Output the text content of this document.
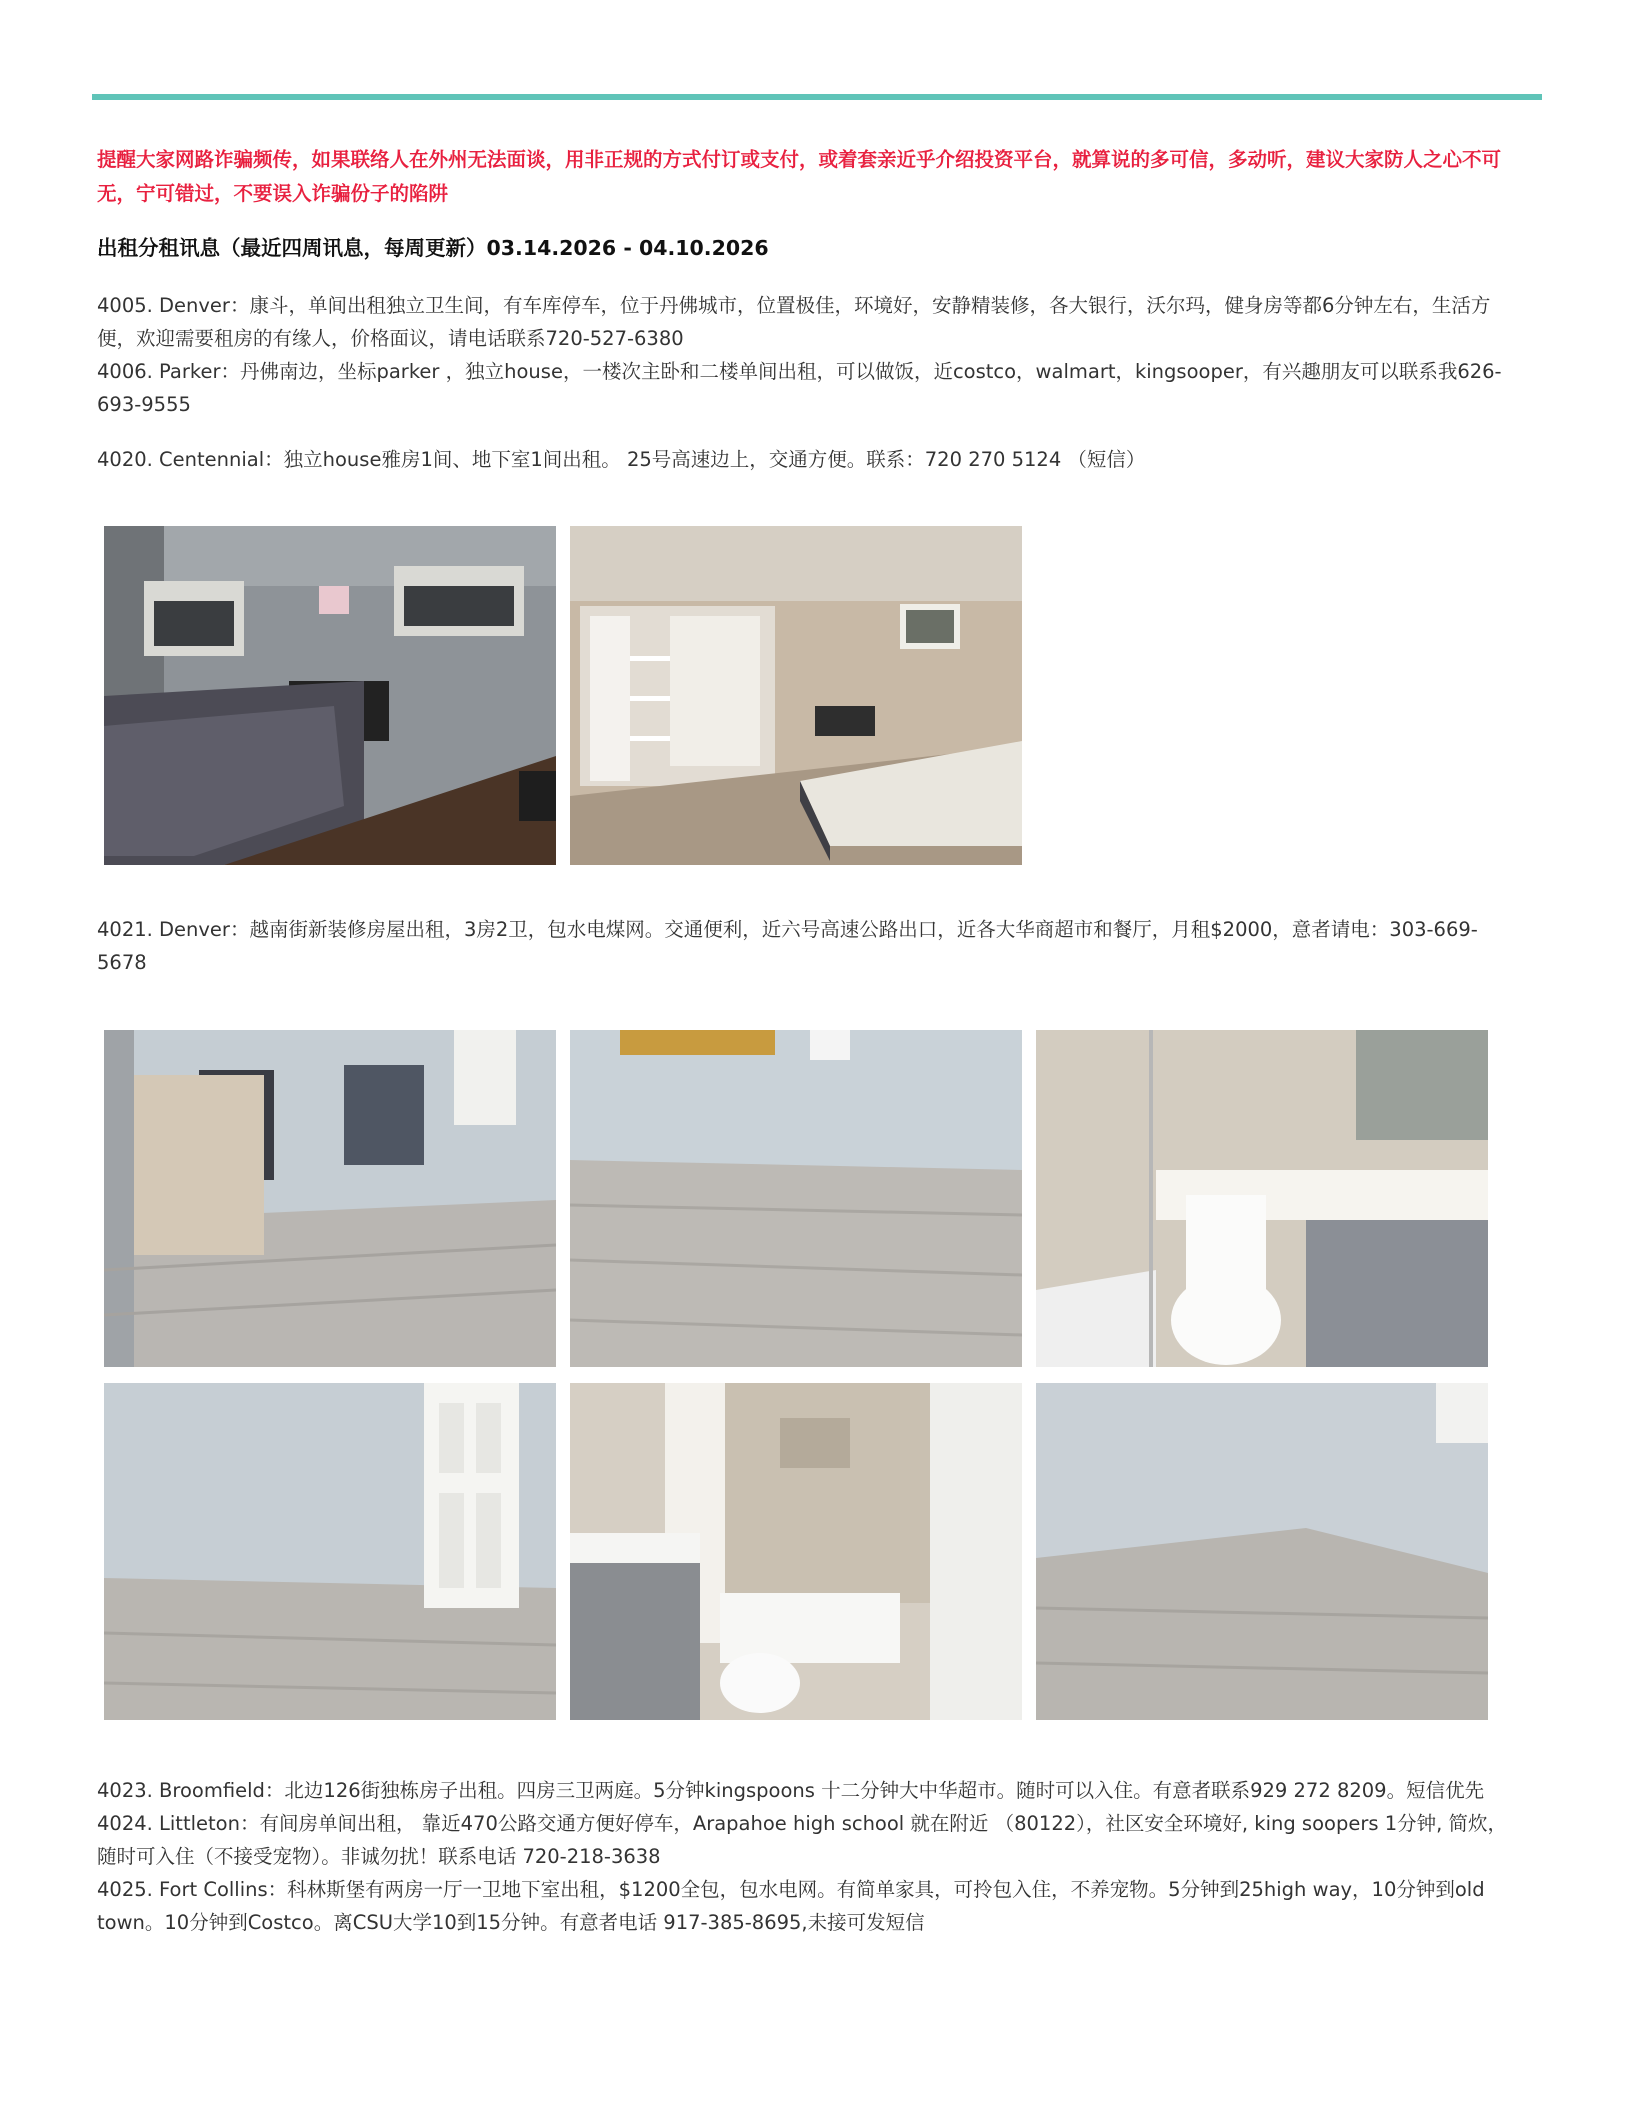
提醒大家网路诈骗频传，如果联络人在外州无法面谈，用非正规的方式付订或支付，或着套亲近乎介绍投资平台，就算说的多可信，多动听，建议大家防人之心不可无，宁可错过，不要误入诈骗份子的陷阱

出租分租讯息（最近四周讯息，每周更新）03.14.2026 - 04.10.2026

4005. Denver：康斗，单间出租独立卫生间，有车库停车，位于丹佛城市，位置极佳，环境好，安静精装修，各大银行，沃尔玛，健身房等都6分钟左右，生活方便，欢迎需要租房的有缘人，价格面议，请电话联系720-527-6380

4006. Parker：丹佛南边，坐标parker ，独立house，一楼次主卧和二楼单间出租，可以做饭，近costco，walmart，kingsooper，有兴趣朋友可以联系我626-693-9555

4020. Centennial：独立house雅房1间、地下室1间出租。 25号高速边上，交通方便。联系：720 270 5124 （短信）

4021. Denver：越南街新装修房屋出租，3房2卫，包水电煤网。交通便利，近六号高速公路出口，近各大华商超市和餐厅，月租$2000，意者请电：303-669-5678

4023. Broomfield：北边126街独栋房子出租。四房三卫两庭。5分钟kingspoons 十二分钟大中华超市。随时可以入住。有意者联系929 272 8209。短信优先

4024. Littleton：有间房单间出租， 靠近470公路交通方便好停车，Arapahoe high school 就在附近 （80122），社区安全环境好, king soopers 1分钟, 简炊，随时可入住（不接受宠物）。非诚勿扰！联系电话 720-218-3638

4025. Fort Collins：科林斯堡有两房一厅一卫地下室出租，$1200全包，包水电网。有简单家具，可拎包入住，不养宠物。5分钟到25high way，10分钟到old town。10分钟到Costco。离CSU大学10到15分钟。有意者电话 917-385-8695,未接可发短信
